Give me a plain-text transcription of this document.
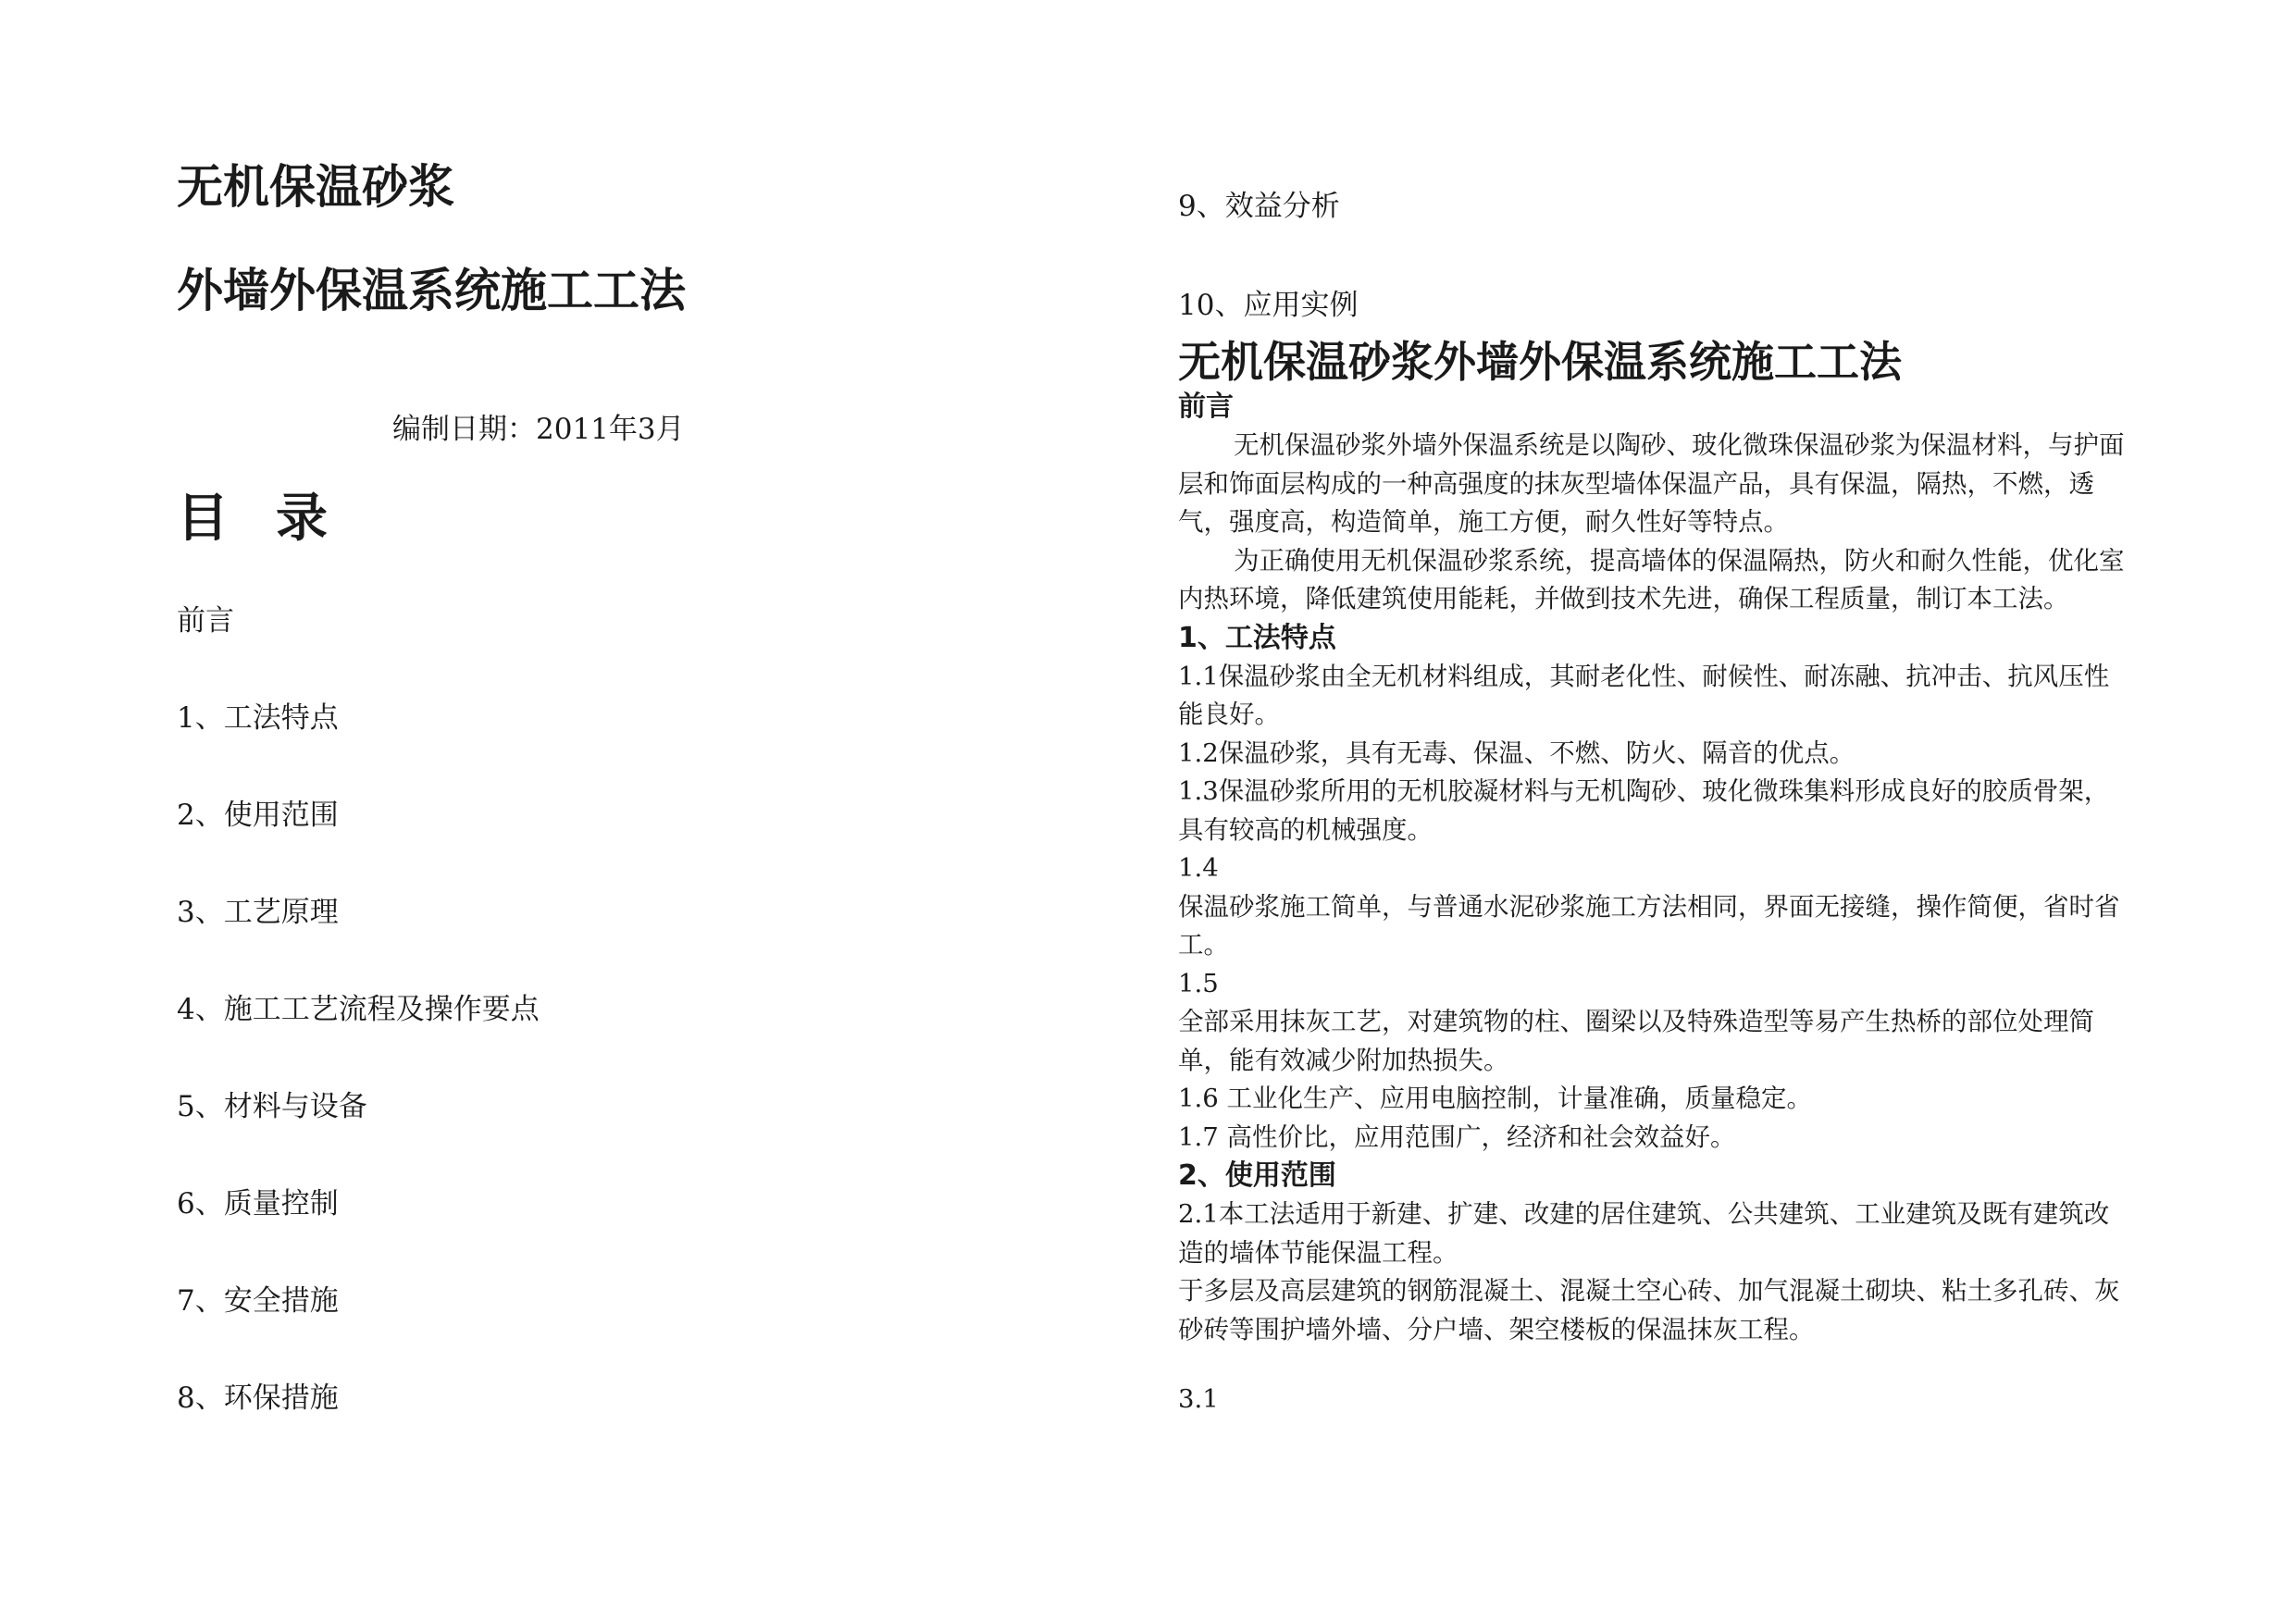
无机保温砂浆
外墙外保温系统施工工法
编制日期：2011年3月
目  录
前言
1、工法特点
2、使用范围
3、工艺原理
4、施工工艺流程及操作要点
5、材料与设备
6、质量控制
7、安全措施
8、环保措施
9、效益分析
10、应用实例

无机保温砂浆外墙外保温系统施工工法

前言

无机保温砂浆外墙外保温系统是以陶砂、玻化微珠保温砂浆为保温材料，与护面层和饰面层构成的一种高强度的抹灰型墙体保温产品，具有保温，隔热，不燃，透气，强度高，构造简单，施工方便，耐久性好等特点。

为正确使用无机保温砂浆系统，提高墙体的保温隔热，防火和耐久性能，优化室内热环境，降低建筑使用能耗，并做到技术先进，确保工程质量，制订本工法。

1、工法特点

1.1保温砂浆由全无机材料组成，其耐老化性、耐候性、耐冻融、抗冲击、抗风压性能良好。

1.2保温砂浆，具有无毒、保温、不燃、防火、隔音的优点。

1.3保温砂浆所用的无机胶凝材料与无机陶砂、玻化微珠集料形成良好的胶质骨架，具有较高的机械强度。

1.4

保温砂浆施工简单，与普通水泥砂浆施工方法相同，界面无接缝，操作简便，省时省工。

1.5

全部采用抹灰工艺，对建筑物的柱、圈梁以及特殊造型等易产生热桥的部位处理简单，能有效减少附加热损失。

1.6 工业化生产、应用电脑控制，计量准确，质量稳定。

1.7 高性价比，应用范围广，经济和社会效益好。

2、使用范围

2.1本工法适用于新建、扩建、改建的居住建筑、公共建筑、工业建筑及既有建筑改造的墙体节能保温工程。

于多层及高层建筑的钢筋混凝土、混凝土空心砖、加气混凝土砌块、粘土多孔砖、灰砂砖等围护墙外墙、分户墙、架空楼板的保温抹灰工程。

3.1
